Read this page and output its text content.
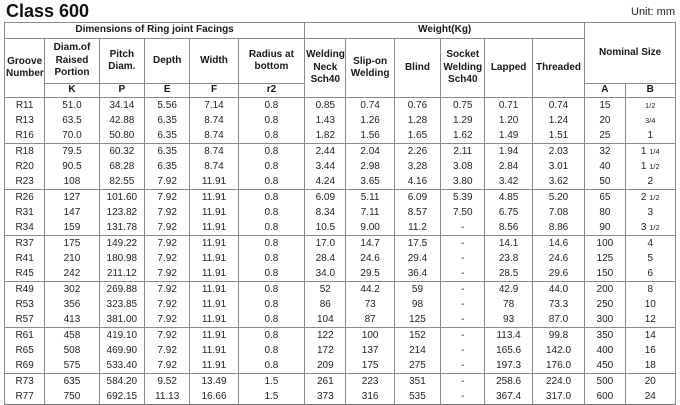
Class 600	Unit: mm
Dimensions of Ring joint Facings						Weight(Kg)						Nominal Size	
Groove Number	Diam.of Raised Portion	Pitch Diam.	Depth	Width	Radius at bottom	Welding Neck Sch40	Slip-on Welding	Blind	Socket Welding Sch40	Lapped	Threaded		
	K	P	E	F	r2							A	B
R11	51.0	34.14	5.56	7.14	0.8	0.85	0.74	0.76	0.75	0.71	0.74	15	1/2
R13	63.5	42.88	6.35	8.74	0.8	1.43	1.26	1.28	1.29	1.20	1.24	20	3/4
R16	70.0	50.80	6.35	8.74	0.8	1.82	1.56	1.65	1.62	1.49	1.51	25	1
R18	79.5	60.32	6.35	8.74	0.8	2.44	2.04	2.26	2.11	1.94	2.03	32	1 1/4
R20	90.5	68.28	6.35	8.74	0.8	3.44	2.98	3.28	3.08	2.84	3.01	40	1 1/2
R23	108	82.55	7.92	11.91	0.8	4.24	3.65	4.16	3.80	3.42	3.62	50	2
R26	127	101.60	7.92	11.91	0.8	6.09	5.11	6.09	5.39	4.85	5.20	65	2 1/2
R31	147	123.82	7.92	11.91	0.8	8.34	7.11	8.57	7.50	6.75	7.08	80	3
R34	159	131.78	7.92	11.91	0.8	10.5	9.00	11.2	-	8.56	8.86	90	3 1/2
R37	175	149.22	7.92	11.91	0.8	17.0	14.7	17.5	-	14.1	14.6	100	4
R41	210	180.98	7.92	11.91	0.8	28.4	24.6	29.4	-	23.8	24.6	125	5
R45	242	211.12	7.92	11.91	0.8	34.0	29.5	36.4	-	28.5	29.6	150	6
R49	302	269.88	7.92	11.91	0.8	52	44.2	59	-	42.9	44.0	200	8
R53	356	323.85	7.92	11.91	0.8	86	73	98	-	78	73.3	250	10
R57	413	381.00	7.92	11.91	0.8	104	87	125	-	93	87.0	300	12
R61	458	419.10	7.92	11.91	0.8	122	100	152	-	113.4	99.8	350	14
R65	508	469.90	7.92	11.91	0.8	172	137	214	-	165.6	142.0	400	16
R69	575	533.40	7.92	11.91	0.8	209	175	275	-	197.3	176.0	450	18
R73	635	584.20	9.52	13.49	1.5	261	223	351	-	258.6	224.0	500	20
R77	750	692.15	11.13	16.66	1.5	373	316	535	-	367.4	317.0	600	24
